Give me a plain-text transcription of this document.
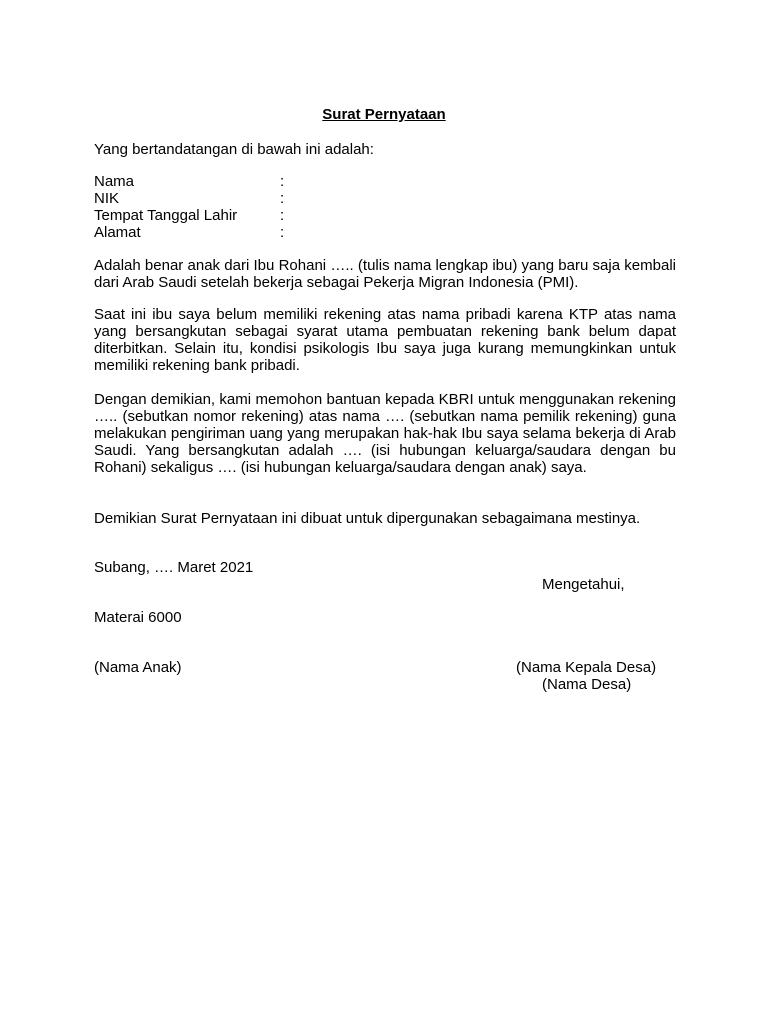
Surat Pernyataan
Yang bertandatangan di bawah ini adalah:
Nama	:
NIK	:
Tempat Tanggal Lahir	:
Alamat	:
Adalah benar anak dari Ibu Rohani ….. (tulis nama lengkap ibu) yang baru saja kembali dari Arab Saudi setelah bekerja sebagai Pekerja Migran Indonesia (PMI).
Saat ini ibu saya belum memiliki rekening atas nama pribadi karena KTP atas nama yang bersangkutan sebagai syarat utama pembuatan rekening bank belum dapat diterbitkan. Selain itu, kondisi psikologis Ibu saya juga kurang memungkinkan untuk memiliki rekening bank pribadi.
Dengan demikian, kami memohon bantuan kepada KBRI untuk menggunakan rekening ….. (sebutkan nomor rekening) atas nama …. (sebutkan nama pemilik rekening) guna melakukan pengiriman uang yang merupakan hak-hak Ibu saya selama bekerja di Arab Saudi. Yang bersangkutan adalah …. (isi hubungan keluarga/saudara dengan bu Rohani) sekaligus …. (isi hubungan keluarga/saudara dengan anak) saya.
Demikian Surat Pernyataan ini dibuat untuk dipergunakan sebagaimana mestinya.
Subang, …. Maret 2021
Mengetahui,
Materai 6000
(Nama Anak)	(Nama Kepala Desa)
(Nama Desa)
